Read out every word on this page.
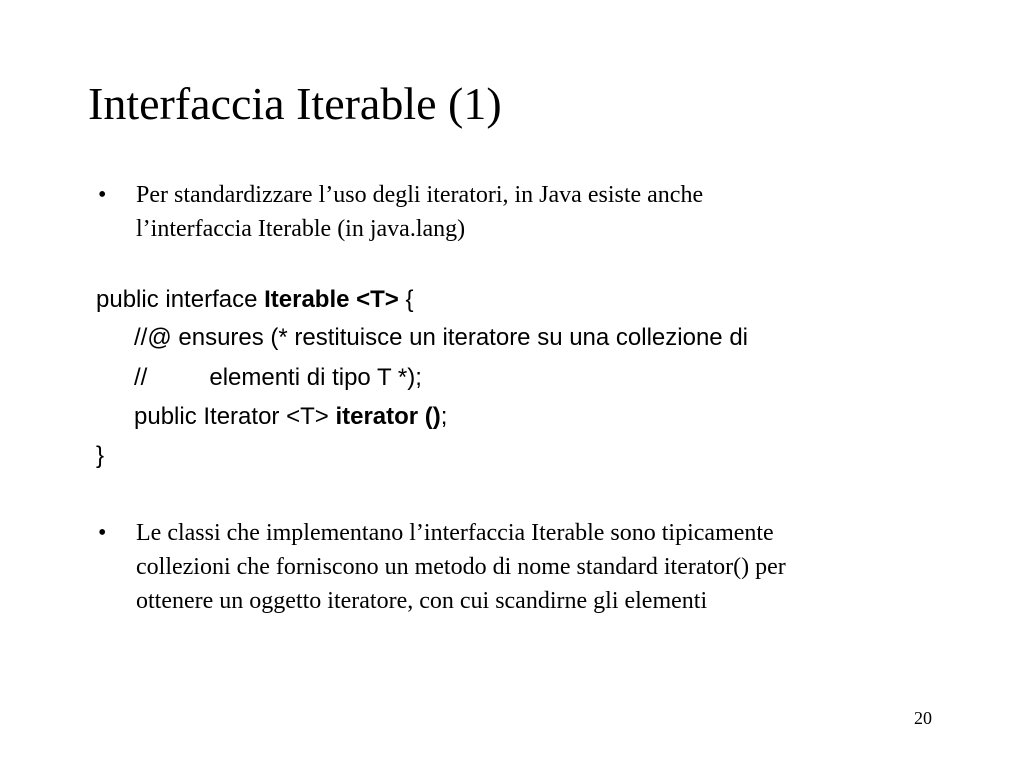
Interfaccia Iterable (1)
• Per standardizzare l’uso degli iteratori, in Java esiste anche
l’interfaccia Iterable (in java.lang)
public interface Iterable <T> {
//@ ensures (* restituisce un iteratore su una collezione di
//	elementi di tipo T *);
public Iterator <T> iterator ();
}
• Le classi che implementano l’interfaccia Iterable sono tipicamente
collezioni che forniscono un metodo di nome standard iterator() per
ottenere un oggetto iteratore, con cui scandirne gli elementi
20
